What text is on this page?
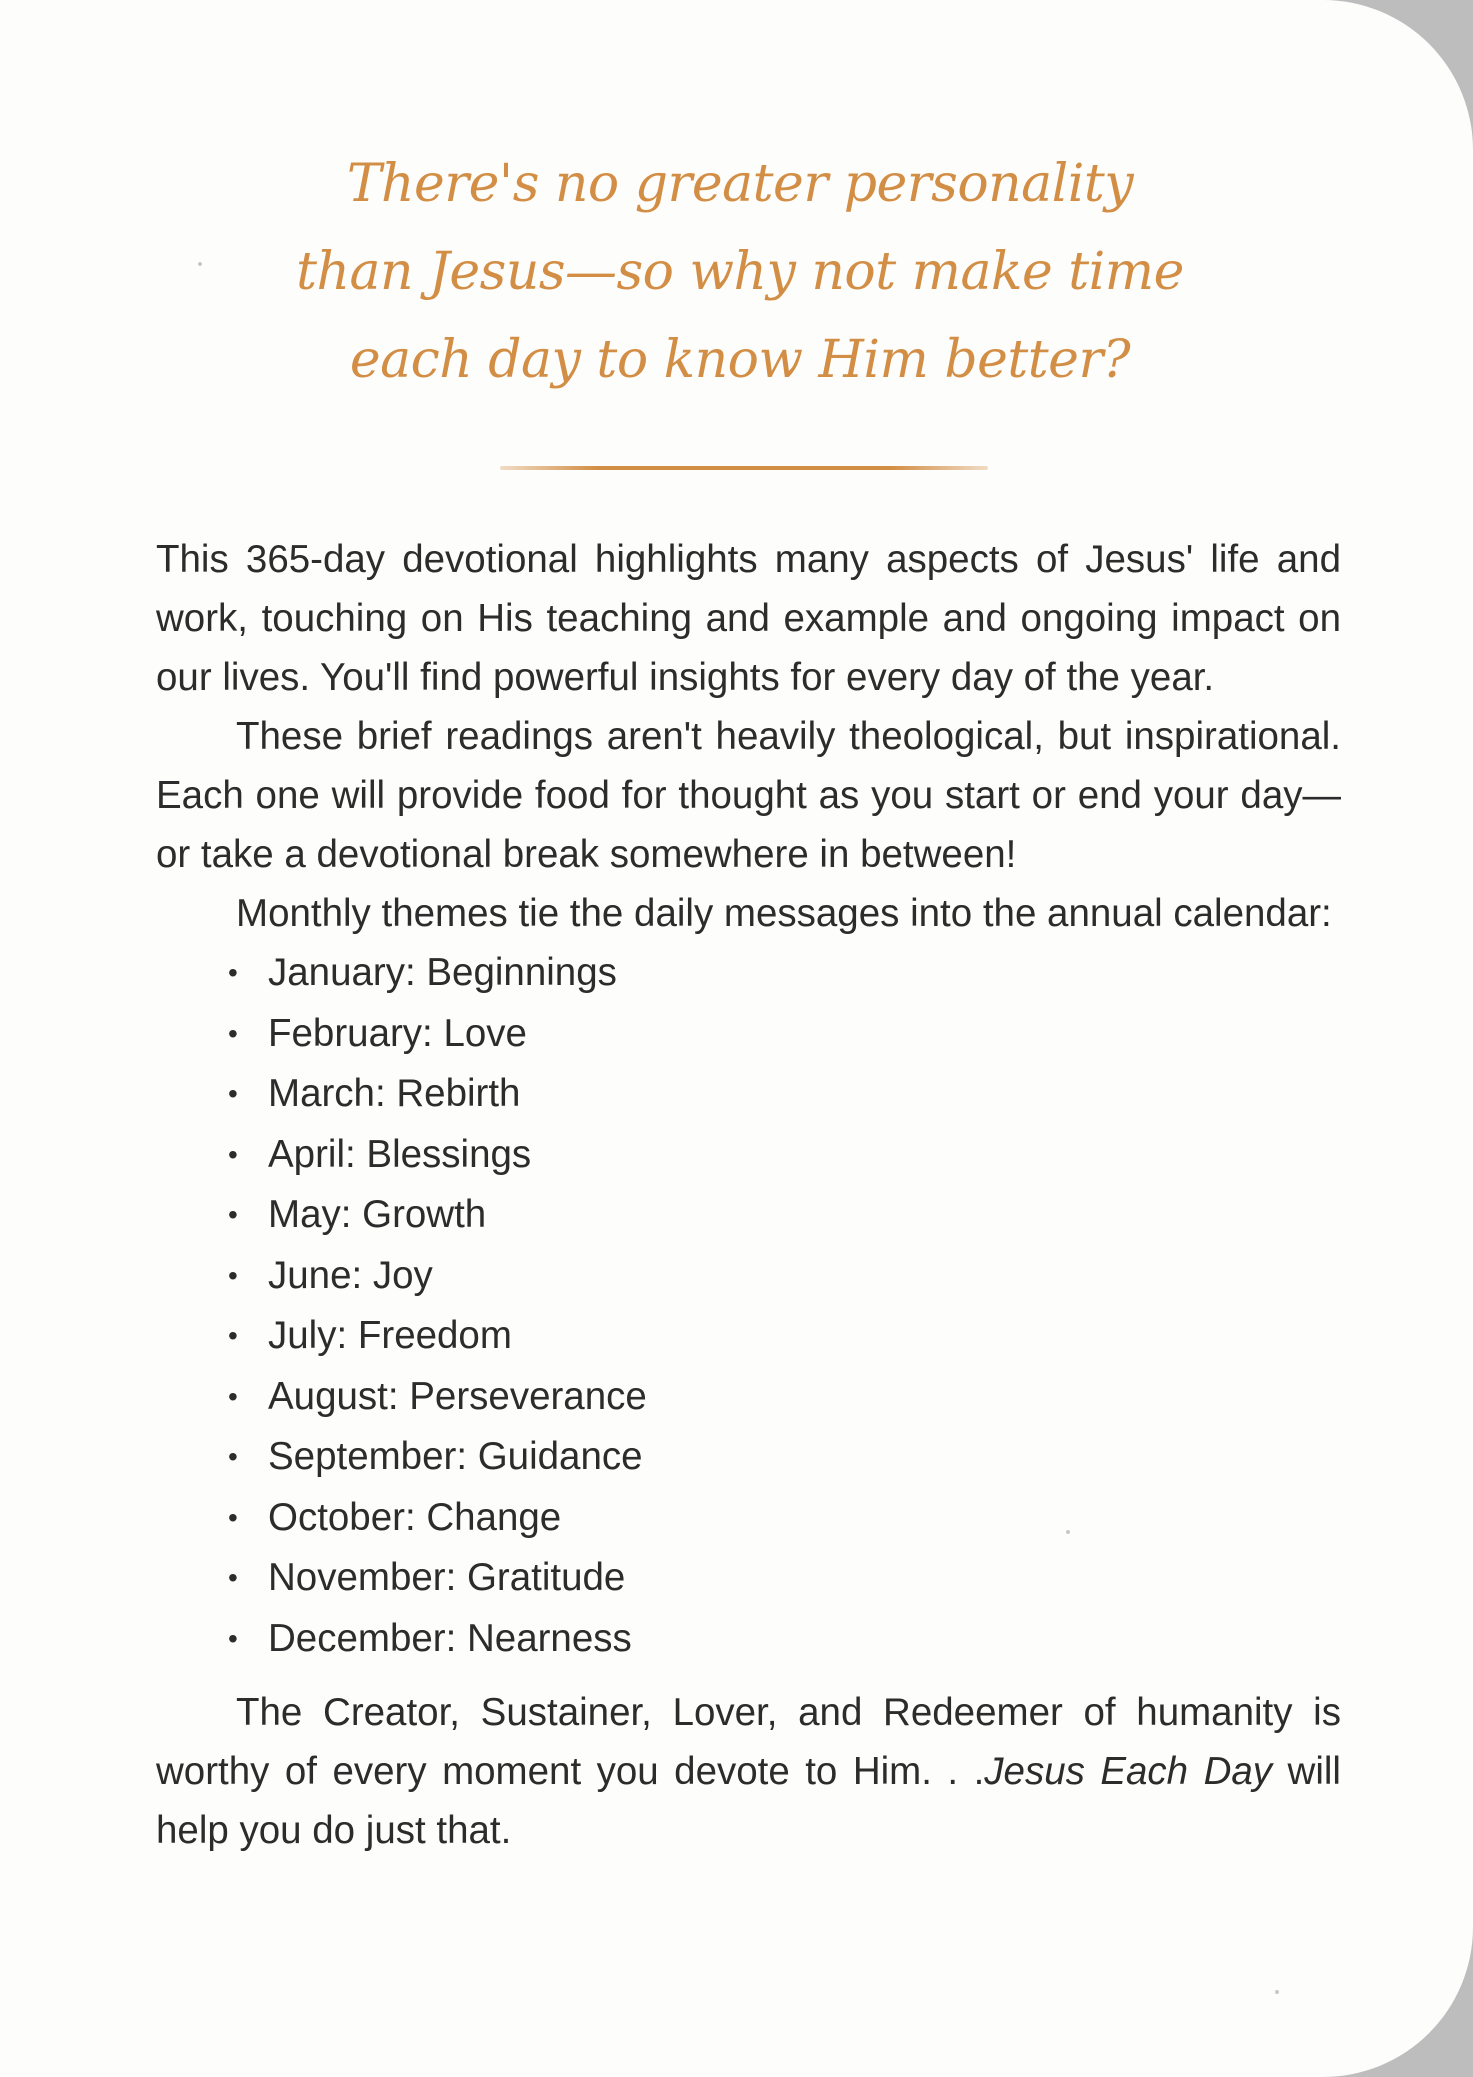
There's no greater personality
than Jesus—so why not make time
each day to know Him better?

This 365-day devotional highlights many aspects of Jesus' life and work, touching on His teaching and example and ongoing impact on our lives. You'll find powerful insights for every day of the year.

These brief readings aren't heavily theological, but inspirational. Each one will provide food for thought as you start or end your day—or take a devotional break somewhere in between!

Monthly themes tie the daily messages into the annual calendar:

• January: Beginnings
• February: Love
• March: Rebirth
• April: Blessings
• May: Growth
• June: Joy
• July: Freedom
• August: Perseverance
• September: Guidance
• October: Change
• November: Gratitude
• December: Nearness

The Creator, Sustainer, Lover, and Redeemer of humanity is worthy of every moment you devote to Him. . .Jesus Each Day will help you do just that.
